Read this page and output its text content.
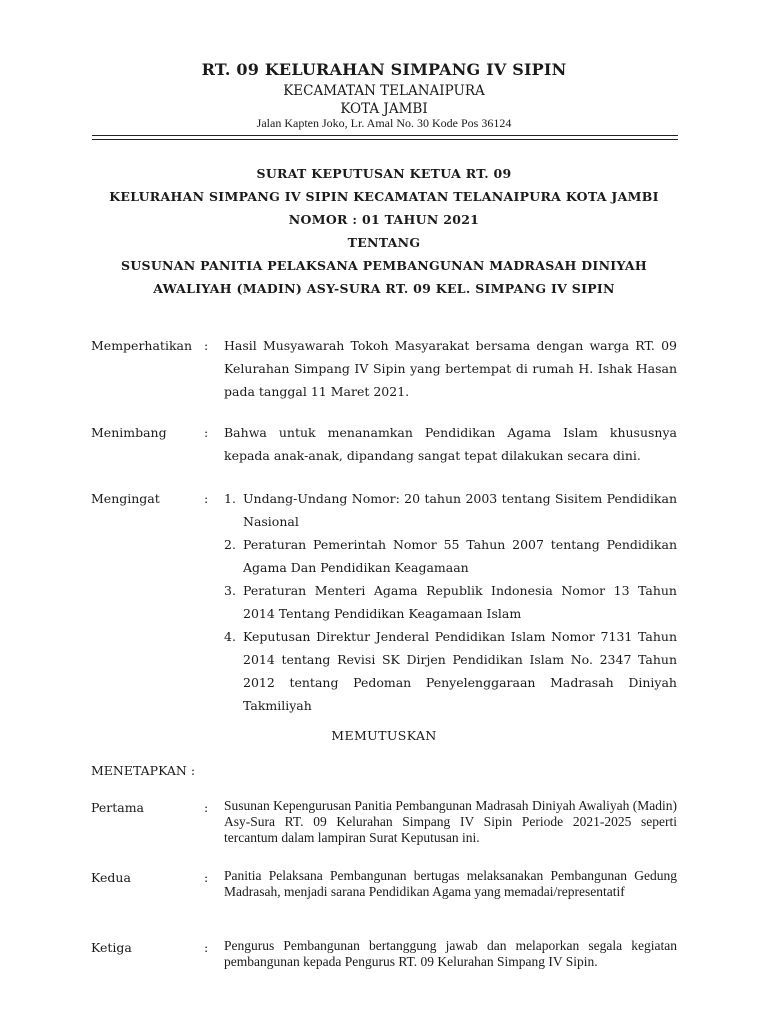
RT. 09 KELURAHAN SIMPANG IV SIPIN
KECAMATAN TELANAIPURA
KOTA JAMBI
Jalan Kapten Joko, Lr. Amal No. 30 Kode Pos 36124
SURAT KEPUTUSAN KETUA RT. 09
KELURAHAN SIMPANG IV SIPIN KECAMATAN TELANAIPURA KOTA JAMBI
NOMOR : 01 TAHUN 2021
TENTANG
SUSUNAN PANITIA PELAKSANA PEMBANGUNAN MADRASAH DINIYAH
AWALIYAH (MADIN) ASY-SURA RT. 09 KEL. SIMPANG IV SIPIN
Memperhatikan : Hasil Musyawarah Tokoh Masyarakat bersama dengan warga RT. 09 Kelurahan Simpang IV Sipin yang bertempat di rumah H. Ishak Hasan pada tanggal 11 Maret 2021.
Menimbang	: Bahwa untuk menanamkan Pendidikan Agama Islam khususnya kepada anak-anak, dipandang sangat tepat dilakukan secara dini.
Mengingat	: 1. Undang-Undang Nomor: 20 tahun 2003 tentang Sisitem Pendidikan Nasional
2. Peraturan Pemerintah Nomor 55 Tahun 2007 tentang Pendidikan Agama Dan Pendidikan Keagamaan
3. Peraturan Menteri Agama Republik Indonesia Nomor 13 Tahun 2014 Tentang Pendidikan Keagamaan Islam
4. Keputusan Direktur Jenderal Pendidikan Islam Nomor 7131 Tahun 2014 tentang Revisi SK Dirjen Pendidikan Islam No. 2347 Tahun 2012 tentang Pedoman Penyelenggaraan Madrasah Diniyah Takmiliyah
MEMUTUSKAN
MENETAPKAN :
Pertama	: Susunan Kepengurusan Panitia Pembangunan Madrasah Diniyah Awaliyah (Madin) Asy-Sura RT. 09 Kelurahan Simpang IV Sipin Periode 2021-2025 seperti tercantum dalam lampiran Surat Keputusan ini.
Kedua	: Panitia Pelaksana Pembangunan bertugas melaksanakan Pembangunan Gedung Madrasah, menjadi sarana Pendidikan Agama yang memadai/representatif
Ketiga	: Pengurus Pembangunan bertanggung jawab dan melaporkan segala kegiatan pembangunan kepada Pengurus RT. 09 Kelurahan Simpang IV Sipin.
